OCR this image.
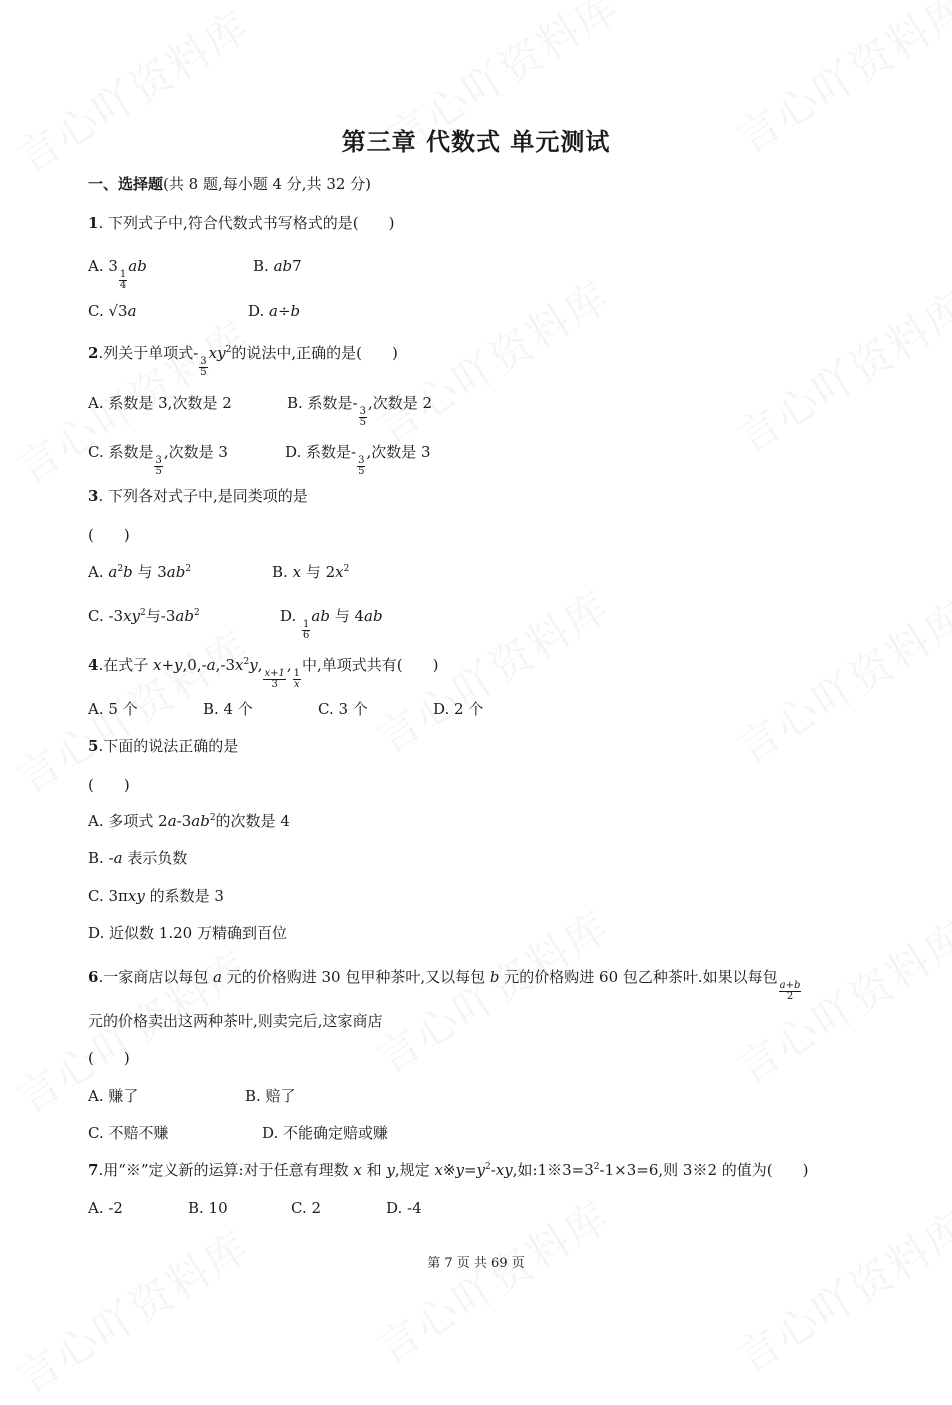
第三章 代数式 单元测试
一、选择题(共 8 题,每小题 4 分,共 32 分)
1. 下列式子中,符合代数式书写格式的是(　　)
A. 3
$\frac{1}{4}$
ab	B. ab7
C. √3a	D. a÷b
2.列关于单项式-
$\frac{3}{5}$
$xy^2$的说法中,正确的是(　　)
A. 系数是 3,次数是 2	B. 系数是-
$\frac{3}{5}$
,次数是 2
C. 系数是
$\frac{3}{5}$
,次数是 3	D. 系数是-
$\frac{3}{5}$
,次数是 3
3. 下列各对式子中,是同类项的是
(　　)
A. $a^2b$ 与 $3ab^2$	B. x 与 $2x^2$
C. $-3xy^2$与$-3ab^2$	D.
$\frac{1}{6}$
ab 与 4ab
4.在式子 $x+y,0,-a,-3x^2y$,
$\frac{x+1}{3}$
,
$\frac{1}{x}$
中,单项式共有(　　)
A. 5 个	B. 4 个	C. 3 个	D. 2 个
5.下面的说法正确的是
(　　)
A. 多项式 $2a-3ab^2$的次数是 4
B. -a 表示负数
C. 3πxy 的系数是 3
D. 近似数 1.20 万精确到百位
6.一家商店以每包 a 元的价格购进 30 包甲种茶叶,又以每包 b 元的价格购进 60 包乙种茶叶.如果以每包
$\frac{a+b}{2}$
元的价格卖出这两种茶叶,则卖完后,这家商店
(　　)
A. 赚了	B. 赔了
C. 不赔不赚	D. 不能确定赔或赚
7.用“※”定义新的运算:对于任意有理数 x 和 y,规定 $x※y=y^2-xy$,如$:1※3=3^2-1\times 3=6$,则 3※2 的值为(　　)
A. -2	B. 10	C. 2	D. -4
第 7 页 共 69 页
